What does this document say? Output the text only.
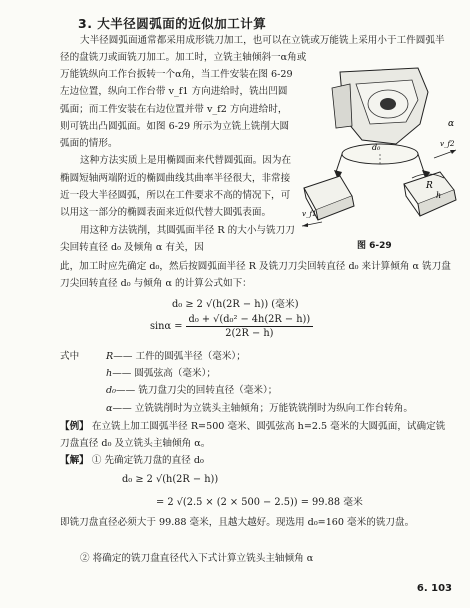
3. 大半径圆弧面的近似加工计算
大半径圆弧面通常都采用成形铣刀加工，也可以在立铣或万能铣上采用小于工件圆弧半径的盘铣刀或面铣刀加工。加工时，立铣主轴倾斜一α角或

万能铣纵向工作台扳转一个α角，当工件安装在图 6-29 左边位置，纵向工作台带 v_f1 方向进给时，铣出凹圆弧面；而工件安装在右边位置并带 v_f2 方向进给时，则可铣出凸圆弧面。如图 6-29 所示为立铣上铣削大圆弧面的情形。

这种方法实质上是用椭圆面来代替圆弧面。因为在椭圆短轴两端附近的椭圆曲线其曲率半径很大，非常接近一段大半径圆弧，所以在工件要求不高的情况下，可以用这一部分的椭圆表面来近似代替大圆弧表面。

用这种方法铣削，其圆弧面半径 R 的大小与铣刀刀尖回转直径 d₀ 及倾角 α 有关，因

α
v_f2
v_f1
d₀
R
h
图 6-29

此，加工时应先确定 d₀，然后按圆弧面半径 R 及铣刀刀尖回转直径 d₀ 来计算倾角 α 铣刀盘刀尖回转直径 d₀ 与倾角 α 的计算公式如下：

d₀ ≥ 2 √(h(2R − h)) (毫米)
$\sin\alpha = \frac{\text{d₀ + √(d₀² − 4h(2R − h))}}{2(2R - h)}$
式中	R—— 工件的圆弧半径（毫米）；
h—— 圆弧弦高（毫米）；
d₀—— 铣刀盘刀尖的回转直径（毫米）；
α—— 立铣铣削时为立铣头主轴倾角；万能铣铣削时为纵向工作台转角。
【例】 在立铣上加工圆弧半径 R=500 毫米、圆弧弦高 h=2.5 毫米的大圆弧面，试确定铣刀盘直径 d₀ 及立铣头主轴倾角 α。
【解】 ① 先确定铣刀盘的直径 d₀
d₀ ≥ 2 √(h(2R − h))
= 2 √(2.5 × (2 × 500 − 2.5)) = 99.88 毫米
即铣刀盘直径必须大于 99.88 毫米，且越大越好。现选用 d₀=160 毫米的铣刀盘。
② 将确定的铣刀盘直径代入下式计算立铣头主轴倾角 α
6. 103
